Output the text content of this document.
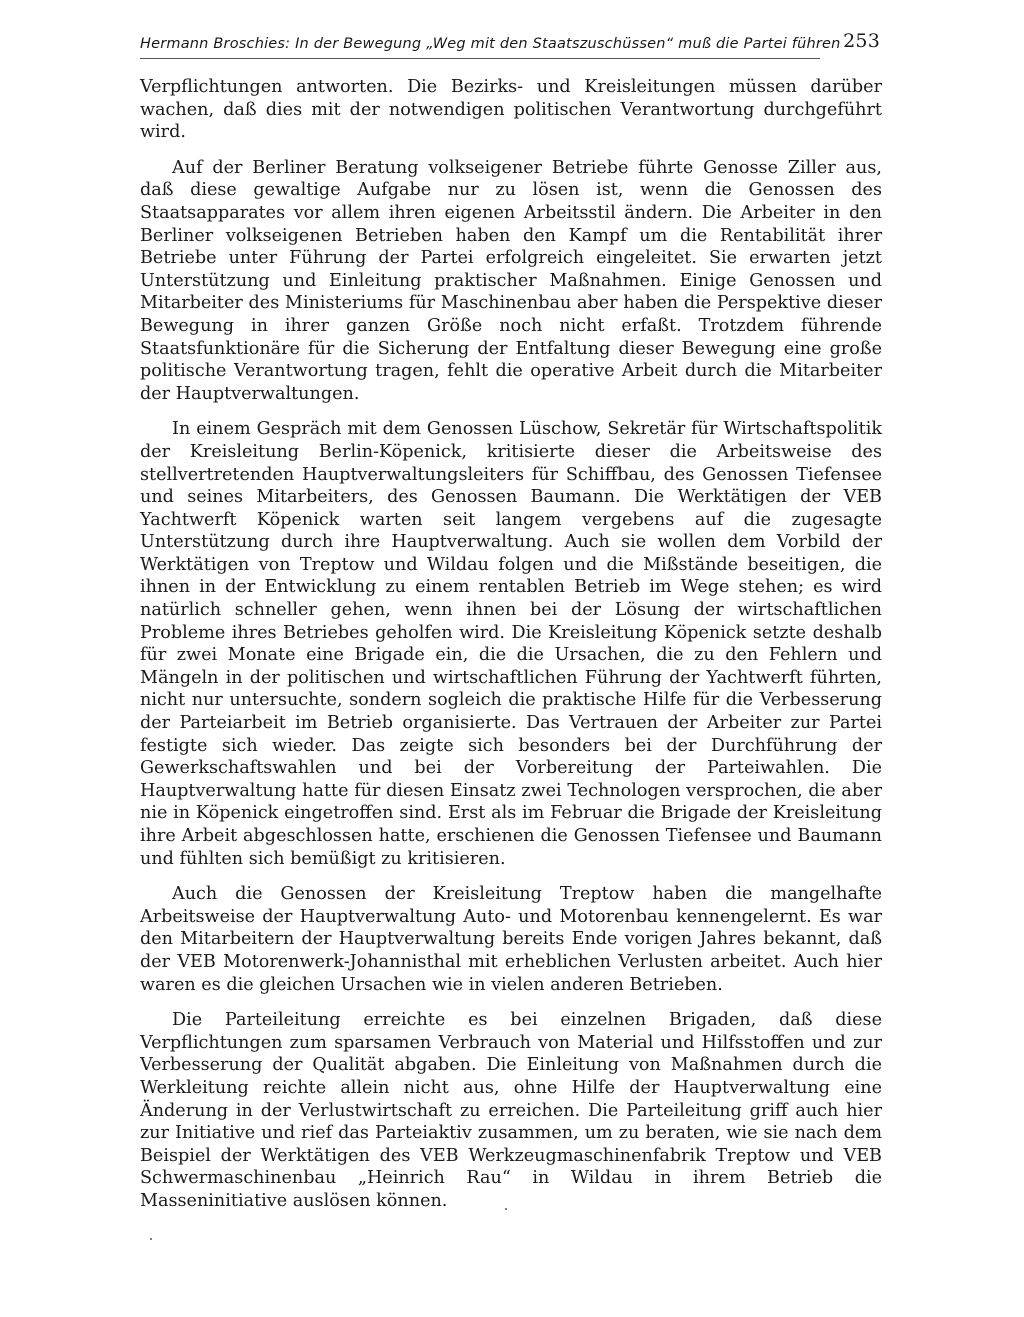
Hermann Broschies: In der Bewegung „Weg mit den Staatszuschüssen“ muß die Partei führen 253

Verpflichtungen antworten. Die Bezirks- und Kreisleitungen müssen darüber wachen, daß dies mit der notwendigen politischen Verantwortung durchgeführt wird.

Auf der Berliner Beratung volkseigener Betriebe führte Genosse Ziller aus, daß diese gewaltige Aufgabe nur zu lösen ist, wenn die Genossen des Staatsapparates vor allem ihren eigenen Arbeitsstil ändern. Die Arbeiter in den Berliner volkseigenen Betrieben haben den Kampf um die Rentabilität ihrer Betriebe unter Führung der Partei erfolgreich eingeleitet. Sie erwarten jetzt Unterstützung und Einleitung praktischer Maßnahmen. Einige Genossen und Mitarbeiter des Ministeriums für Maschinenbau aber haben die Perspektive dieser Bewegung in ihrer ganzen Größe noch nicht erfaßt. Trotzdem führende Staatsfunktionäre für die Sicherung der Entfaltung dieser Bewegung eine große politische Verantwortung tragen, fehlt die operative Arbeit durch die Mitarbeiter der Hauptverwaltungen.

In einem Gespräch mit dem Genossen Lüschow, Sekretär für Wirtschaftspolitik der Kreisleitung Berlin-Köpenick, kritisierte dieser die Arbeitsweise des stellvertretenden Hauptverwaltungsleiters für Schiffbau, des Genossen Tiefensee und seines Mitarbeiters, des Genossen Baumann. Die Werktätigen der VEB Yachtwerft Köpenick warten seit langem vergebens auf die zugesagte Unterstützung durch ihre Hauptverwaltung. Auch sie wollen dem Vorbild der Werktätigen von Treptow und Wildau folgen und die Mißstände beseitigen, die ihnen in der Entwicklung zu einem rentablen Betrieb im Wege stehen; es wird natürlich schneller gehen, wenn ihnen bei der Lösung der wirtschaftlichen Probleme ihres Betriebes geholfen wird. Die Kreisleitung Köpenick setzte deshalb für zwei Monate eine Brigade ein, die die Ursachen, die zu den Fehlern und Mängeln in der politischen und wirtschaftlichen Führung der Yachtwerft führten, nicht nur untersuchte, sondern sogleich die praktische Hilfe für die Verbesserung der Parteiarbeit im Betrieb organisierte. Das Vertrauen der Arbeiter zur Partei festigte sich wieder. Das zeigte sich besonders bei der Durchführung der Gewerkschaftswahlen und bei der Vorbereitung der Parteiwahlen. Die Hauptverwaltung hatte für diesen Einsatz zwei Technologen versprochen, die aber nie in Köpenick eingetroffen sind. Erst als im Februar die Brigade der Kreisleitung ihre Arbeit abgeschlossen hatte, erschienen die Genossen Tiefensee und Baumann und fühlten sich bemüßigt zu kritisieren.

Auch die Genossen der Kreisleitung Treptow haben die mangelhafte Arbeitsweise der Hauptverwaltung Auto- und Motorenbau kennengelernt. Es war den Mitarbeitern der Hauptverwaltung bereits Ende vorigen Jahres bekannt, daß der VEB Motorenwerk-Johannisthal mit erheblichen Verlusten arbeitet. Auch hier waren es die gleichen Ursachen wie in vielen anderen Betrieben.

Die Parteileitung erreichte es bei einzelnen Brigaden, daß diese Verpflichtungen zum sparsamen Verbrauch von Material und Hilfsstoffen und zur Verbesserung der Qualität abgaben. Die Einleitung von Maßnahmen durch die Werkleitung reichte allein nicht aus, ohne Hilfe der Hauptverwaltung eine Änderung in der Verlustwirtschaft zu erreichen. Die Parteileitung griff auch hier zur Initiative und rief das Parteiaktiv zusammen, um zu beraten, wie sie nach dem Beispiel der Werktätigen des VEB Werkzeugmaschinenfabrik Treptow und VEB Schwermaschinenbau „Heinrich Rau“ in Wildau in ihrem Betrieb die Masseninitiative auslösen können.
